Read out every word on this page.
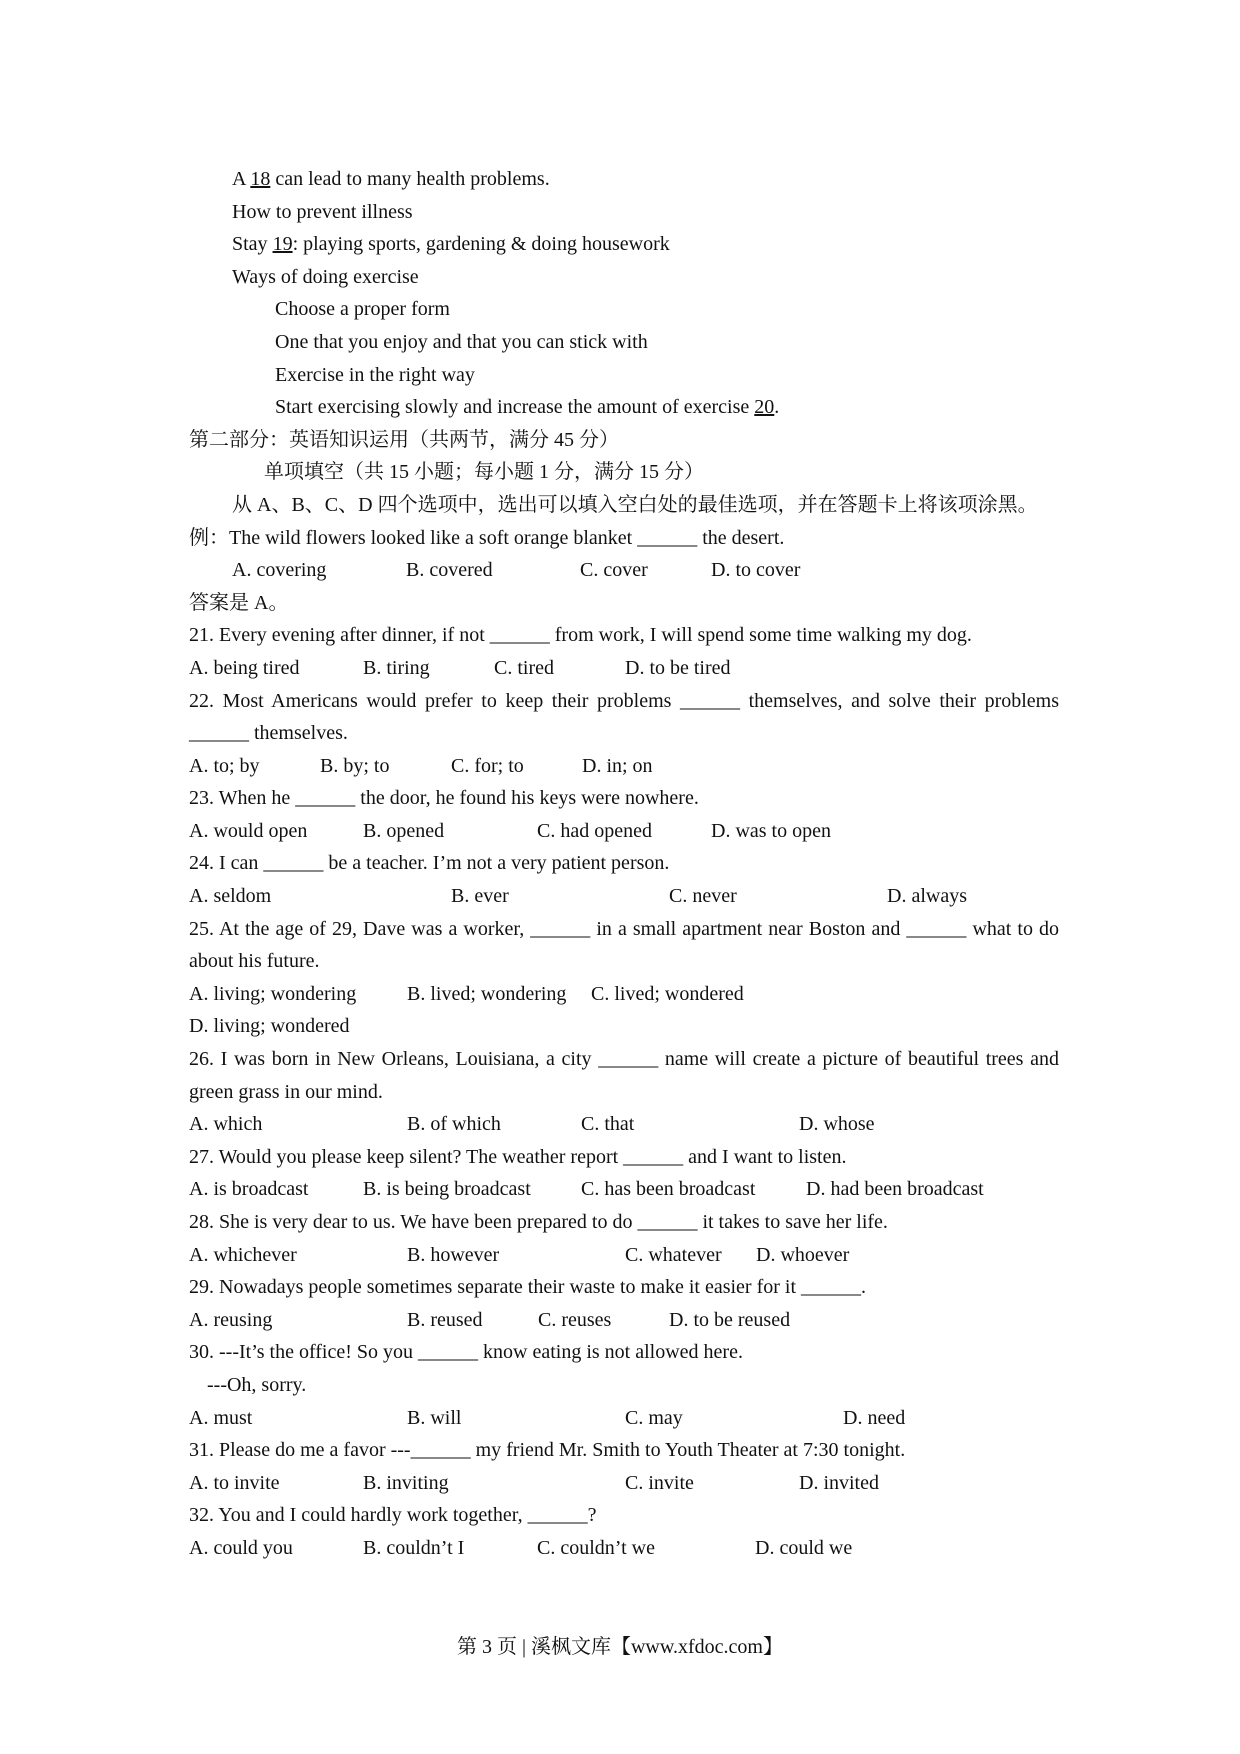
A 18 can lead to many health problems.
How to prevent illness
Stay 19: playing sports, gardening & doing housework
Ways of doing exercise
Choose a proper form
One that you enjoy and that you can stick with
Exercise in the right way
Start exercising slowly and increase the amount of exercise 20.
第二部分：英语知识运用（共两节，满分 45 分）
单项填空（共 15 小题；每小题 1 分，满分 15 分）
从 A、B、C、D 四个选项中，选出可以填入空白处的最佳选项，并在答题卡上将该项涂黑。
例：The wild flowers looked like a soft orange blanket ______ the desert.
A. covering	B. covered	C. cover	D. to cover
答案是 A。
21. Every evening after dinner, if not ______ from work, I will spend some time walking my dog.
A. being tired	B. tiring	C. tired	D. to be tired
22. Most Americans would prefer to keep their problems ______ themselves, and solve their problems ______ themselves.
A. to; by	B. by; to	C. for; to	D. in; on
23. When he ______ the door, he found his keys were nowhere.
A. would open	B. opened	C. had opened	D. was to open
24. I can ______ be a teacher. I’m not a very patient person.
A. seldom	B. ever	C. never	D. always
25. At the age of 29, Dave was a worker, ______ in a small apartment near Boston and ______ what to do about his future.
A. living; wondering	B. lived; wondering	C. lived; wondered
D. living; wondered
26. I was born in New Orleans, Louisiana, a city ______ name will create a picture of beautiful trees and green grass in our mind.
A. which	B. of which	C. that	D. whose
27. Would you please keep silent? The weather report ______ and I want to listen.
A. is broadcast	B. is being broadcast	C. has been broadcast	D. had been broadcast
28. She is very dear to us. We have been prepared to do ______ it takes to save her life.
A. whichever	B. however	C. whatever	D. whoever
29. Nowadays people sometimes separate their waste to make it easier for it ______.
A. reusing	B. reused	C. reuses	D. to be reused
30. ---It’s the office! So you ______ know eating is not allowed here.
---Oh, sorry.
A. must	B. will	C. may	D. need
31. Please do me a favor ---______ my friend Mr. Smith to Youth Theater at 7:30 tonight.
A. to invite	B. inviting	C. invite	D. invited
32. You and I could hardly work together, ______?
A. could you	B. couldn’t I	C. couldn’t we	D. could we
第 3 页 | 溪枫文库【www.xfdoc.com】
